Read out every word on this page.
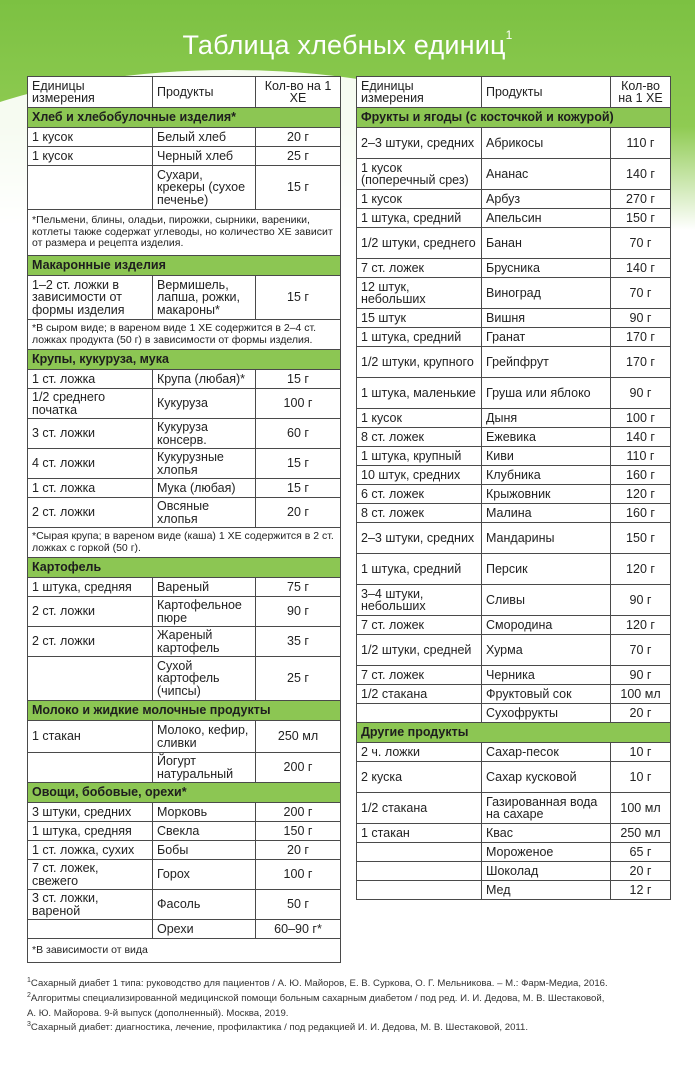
Таблица хлебных единиц$^1$
Единицы измерения	Продукты	Кол-во на 1 ХЕ
Хлеб и хлебобулочные изделия*		
1 кусок	Белый хлеб	20 г
1 кусок	Черный хлеб	25 г
	Сухари, крекеры (сухое печенье)	15 г
*Пельмени, блины, оладьи, пирожки, сырники, вареники, котлеты также содержат углеводы, но количество ХЕ зависит от размера и рецепта изделия.		
Макаронные изделия		
1–2 ст. ложки в зависимости от формы изделия	Вермишель, лапша, рожки, макароны*	15 г
*В сыром виде; в вареном виде 1 ХЕ содержится в 2–4 ст. ложках продукта (50 г) в зависимости от формы изделия.		
Крупы, кукуруза, мука		
1 ст. ложка	Крупа (любая)*	15 г
1/2 среднего початка	Кукуруза	100 г
3 ст. ложки	Кукуруза консерв.	60 г
4 ст. ложки	Кукурузные хлопья	15 г
1 ст. ложка	Мука (любая)	15 г
2 ст. ложки	Овсяные хлопья	20 г
*Сырая крупа; в вареном виде (каша) 1 ХЕ содержится в 2 ст. ложках с горкой (50 г).		
Картофель		
1 штука, средняя	Вареный	75 г
2 ст. ложки	Картофельное пюре	90 г
2 ст. ложки	Жареный картофель	35 г
	Сухой картофель (чипсы)	25 г
Молоко и жидкие молочные продукты		
1 стакан	Молоко, кефир, сливки	250 мл
	Йогурт натуральный	200 г
Овощи, бобовые, орехи*		
3 штуки, средних	Морковь	200 г
1 штука, средняя	Свекла	150 г
1 ст. ложка, сухих	Бобы	20 г
7 ст. ложек, свежего	Горох	100 г
3 ст. ложки, вареной	Фасоль	50 г
	Орехи	60–90 г*
*В зависимости от вида		
Единицы измерения	Продукты	Кол-во на 1 ХЕ
Фрукты и ягоды (с косточкой и кожурой)		
2–3 штуки, средних	Абрикосы	110 г
1 кусок (поперечный срез)	Ананас	140 г
1 кусок	Арбуз	270 г
1 штука, средний	Апельсин	150 г
1/2 штуки, среднего	Банан	70 г
7 ст. ложек	Брусника	140 г
12 штук, небольших	Виноград	70 г
15 штук	Вишня	90 г
1 штука, средний	Гранат	170 г
1/2 штуки, крупного	Грейпфрут	170 г
1 штука, маленькие	Груша или яблоко	90 г
1 кусок	Дыня	100 г
8 ст. ложек	Ежевика	140 г
1 штука, крупный	Киви	110 г
10 штук, средних	Клубника	160 г
6 ст. ложек	Крыжовник	120 г
8 ст. ложек	Малина	160 г
2–3 штуки, средних	Мандарины	150 г
1 штука, средний	Персик	120 г
3–4 штуки, небольших	Сливы	90 г
7 ст. ложек	Смородина	120 г
1/2 штуки, средней	Хурма	70 г
7 ст. ложек	Черника	90 г
1/2 стакана	Фруктовый сок	100 мл
	Сухофрукты	20 г
Другие продукты		
2 ч. ложки	Сахар-песок	10 г
2 куска	Сахар кусковой	10 г
1/2 стакана	Газированная вода на сахаре	100 мл
1 стакан	Квас	250 мл
	Мороженое	65 г
	Шоколад	20 г
	Мед	12 г
$^1$Сахарный диабет 1 типа: руководство для пациентов / А. Ю. Майоров, Е. В. Суркова, О. Г. Мельникова. – М.: Фарм-Медиа, 2016.
$^2$Алгоритмы специализированной медицинской помощи больным сахарным диабетом / под ред. И. И. Дедова, М. В. Шестаковой,
А. Ю. Майорова. 9-й выпуск (дополненный). Москва, 2019.
$^3$Сахарный диабет: диагностика, лечение, профилактика / под редакцией И. И. Дедова, М. В. Шестаковой, 2011.
